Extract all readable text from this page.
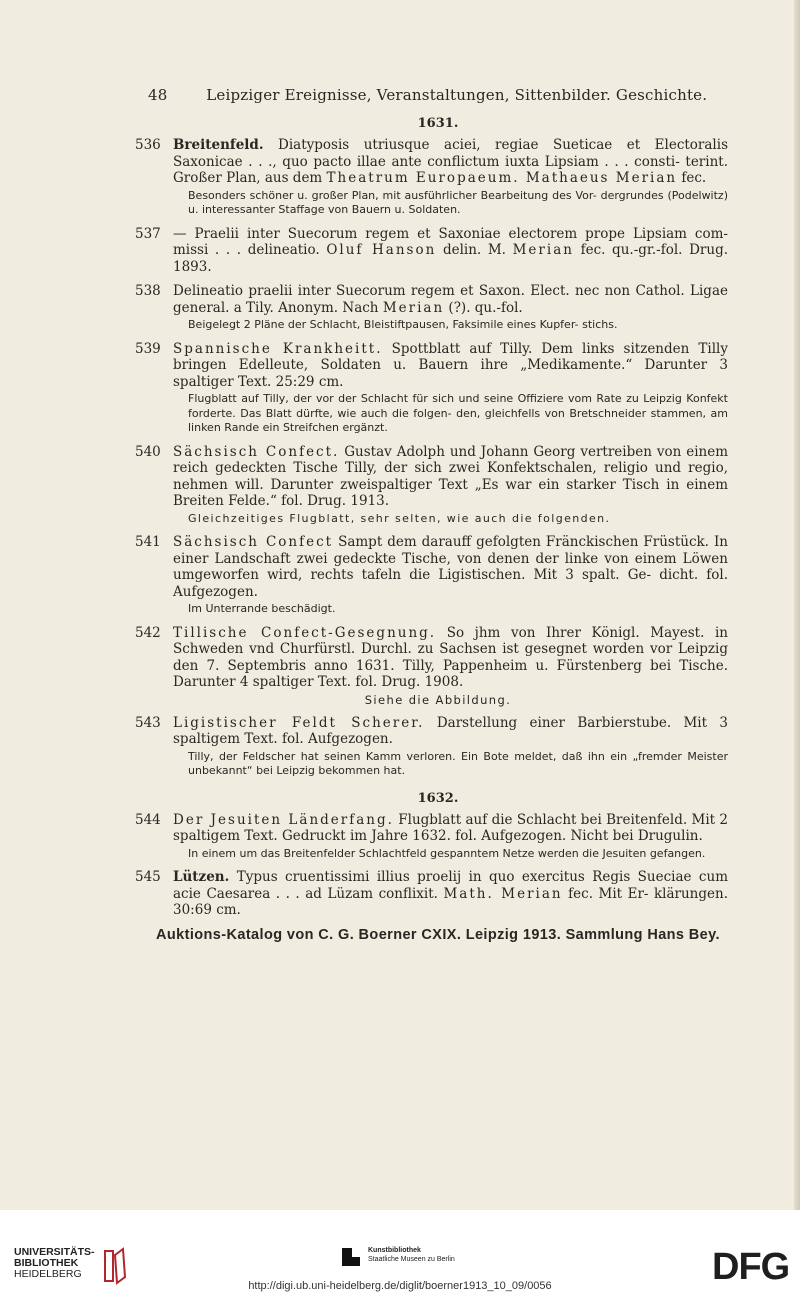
48	Leipziger Ereignisse, Veranstaltungen, Sittenbilder. Geschichte.
1631.
536 Breitenfeld. Diatyposis utriusque aciei, regiae Sueticae et Electoralis Saxonicae . . ., quo pacto illae ante conflictum iuxta Lipsiam . . . consti- terint. Großer Plan, aus dem Theatrum Europaeum. Mathaeus Merian fec.
Besonders schöner u. großer Plan, mit ausführlicher Bearbeitung des Vor- dergrundes (Podelwitz) u. interessanter Staffage von Bauern u. Soldaten.
537 — Praelii inter Suecorum regem et Saxoniae electorem prope Lipsiam com- missi . . . delineatio. Oluf Hanson delin. M. Merian fec. qu.-gr.-fol. Drug. 1893.
538 Delineatio praelii inter Suecorum regem et Saxon. Elect. nec non Cathol. Ligae general. a Tily. Anonym. Nach Merian (?). qu.-fol.
Beigelegt 2 Pläne der Schlacht, Bleistiftpausen, Faksimile eines Kupfer- stichs.
539 Spannische Krankheitt. Spottblatt auf Tilly. Dem links sitzenden Tilly bringen Edelleute, Soldaten u. Bauern ihre „Medikamente.“ Darunter 3 spaltiger Text. 25:29 cm.
Flugblatt auf Tilly, der vor der Schlacht für sich und seine Offiziere vom Rate zu Leipzig Konfekt forderte. Das Blatt dürfte, wie auch die folgen- den, gleichfells von Bretschneider stammen, am linken Rande ein Streifchen ergänzt.
540 Sächsisch Confect. Gustav Adolph und Johann Georg vertreiben von einem reich gedeckten Tische Tilly, der sich zwei Konfektschalen, religio und regio, nehmen will. Darunter zweispaltiger Text „Es war ein starker Tisch in einem Breiten Felde.“ fol. Drug. 1913.
Gleichzeitiges Flugblatt, sehr selten, wie auch die folgenden.
541 Sächsisch Confect Sampt dem darauff gefolgten Fränckischen Früstück. In einer Landschaft zwei gedeckte Tische, von denen der linke von einem Löwen umgeworfen wird, rechts tafeln die Ligistischen. Mit 3 spalt. Ge- dicht. fol. Aufgezogen.
Im Unterrande beschädigt.
542 Tillische Confect-Gesegnung. So jhm von Ihrer Königl. Mayest. in Schweden vnd Churfürstl. Durchl. zu Sachsen ist gesegnet worden vor Leipzig den 7. Septembris anno 1631. Tilly, Pappenheim u. Fürstenberg bei Tische. Darunter 4 spaltiger Text. fol. Drug. 1908.
Siehe die Abbildung.
543 Ligistischer Feldt Scherer. Darstellung einer Barbierstube. Mit 3 spaltigem Text. fol. Aufgezogen.
Tilly, der Feldscher hat seinen Kamm verloren. Ein Bote meldet, daß ihn ein „fremder Meister unbekannt“ bei Leipzig bekommen hat.
1632.
544 Der Jesuiten Länderfang. Flugblatt auf die Schlacht bei Breitenfeld. Mit 2 spaltigem Text. Gedruckt im Jahre 1632. fol. Aufgezogen. Nicht bei Drugulin.
In einem um das Breitenfelder Schlachtfeld gespanntem Netze werden die Jesuiten gefangen.
545 Lützen. Typus cruentissimi illius proelij in quo exercitus Regis Sueciae cum acie Caesarea . . . ad Lüzam conflixit. Math. Merian fec. Mit Er- klärungen. 30:69 cm.
Auktions-Katalog von C. G. Boerner CXIX. Leipzig 1913. Sammlung Hans Bey.
UNIVERSITÄTS-
BIBLIOTHEK
HEIDELBERG
Kunstbibliothek
Staatliche Museen zu Berlin	DFG
http://digi.ub.uni-heidelberg.de/diglit/boerner1913_10_09/0056
